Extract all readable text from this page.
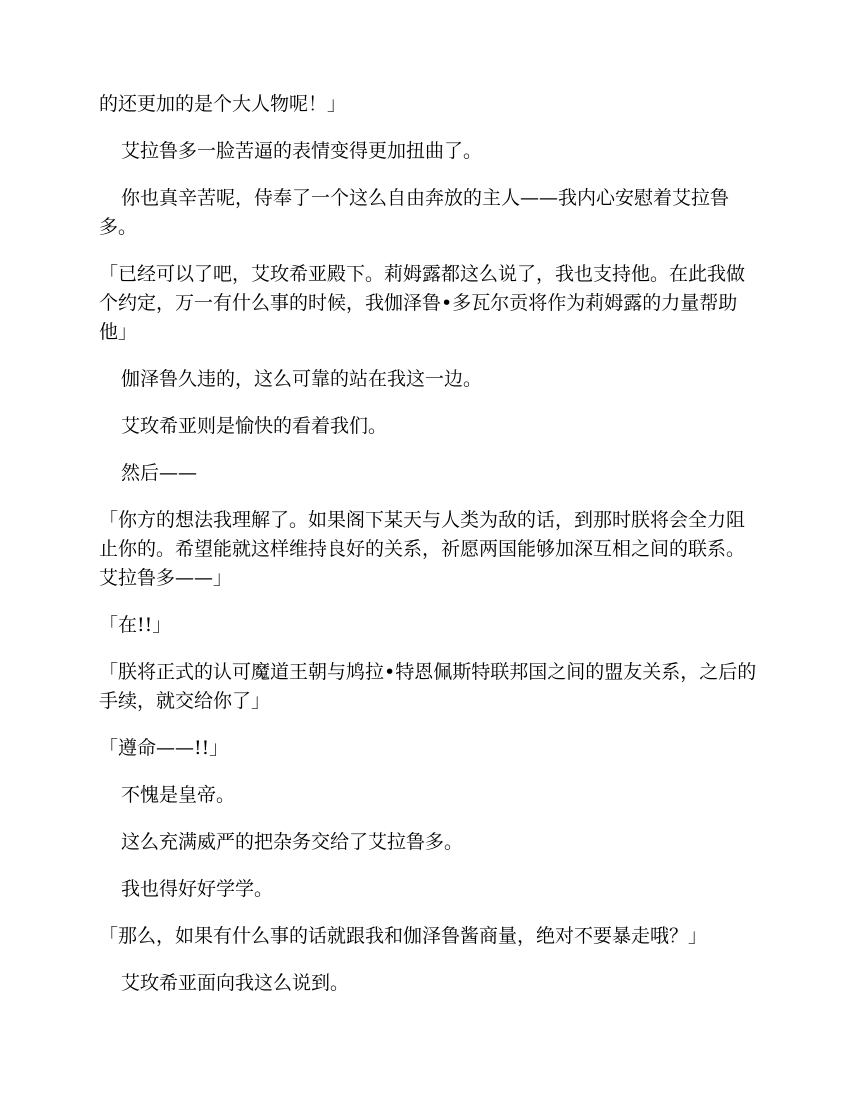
的还更加的是个大人物呢！」

艾拉鲁多一脸苦逼的表情变得更加扭曲了。

你也真辛苦呢，侍奉了一个这么自由奔放的主人——我内心安慰着艾拉鲁多。

「已经可以了吧，艾玫希亚殿下。莉姆露都这么说了，我也支持他。在此我做个约定，万一有什么事的时候，我伽泽鲁•多瓦尔贡将作为莉姆露的力量帮助他」

伽泽鲁久违的，这么可靠的站在我这一边。

艾玫希亚则是愉快的看着我们。

然后——

「你方的想法我理解了。如果阁下某天与人类为敌的话，到那时朕将会全力阻止你的。希望能就这样维持良好的关系，祈愿两国能够加深互相之间的联系。艾拉鲁多——」

「在!!」

「朕将正式的认可魔道王朝与鸠拉•特恩佩斯特联邦国之间的盟友关系，之后的手续，就交给你了」

「遵命——!!」

不愧是皇帝。

这么充满威严的把杂务交给了艾拉鲁多。

我也得好好学学。

「那么，如果有什么事的话就跟我和伽泽鲁酱商量，绝对不要暴走哦？」

艾玫希亚面向我这么说到。
